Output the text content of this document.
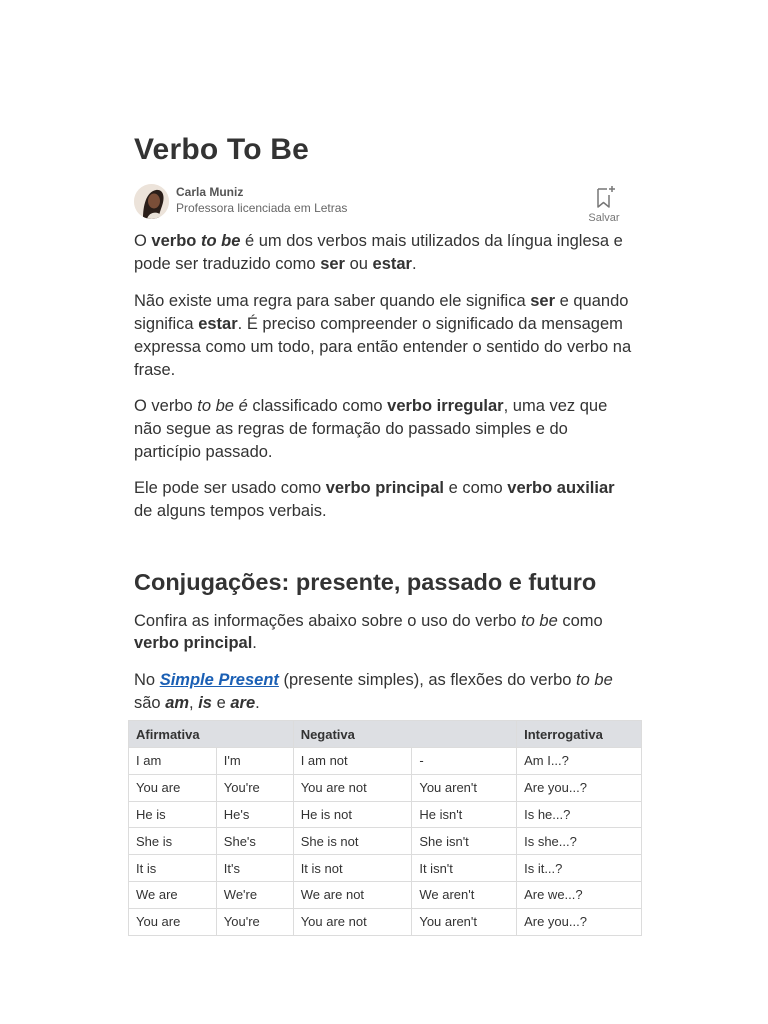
Verbo To Be
Carla Muniz
Professora licenciada em Letras
Salvar

O verbo to be é um dos verbos mais utilizados da língua inglesa e pode ser traduzido como ser ou estar.

Não existe uma regra para saber quando ele significa ser e quando significa estar. É preciso compreender o significado da mensagem expressa como um todo, para então entender o sentido do verbo na frase.

O verbo to be é classificado como verbo irregular, uma vez que não segue as regras de formação do passado simples e do particípio passado.

Ele pode ser usado como verbo principal e como verbo auxiliar de alguns tempos verbais.

Conjugações: presente, passado e futuro

Confira as informações abaixo sobre o uso do verbo to be como verbo principal.

No Simple Present (presente simples), as flexões do verbo to be são am, is e are.

Afirmativa		Negativa		Interrogativa
I am	I'm	I am not	-	Am I...?
You are	You're	You are not	You aren't	Are you...?
He is	He's	He is not	He isn't	Is he...?
She is	She's	She is not	She isn't	Is she...?
It is	It's	It is not	It isn't	Is it...?
We are	We're	We are not	We aren't	Are we...?
You are	You're	You are not	You aren't	Are you...?
